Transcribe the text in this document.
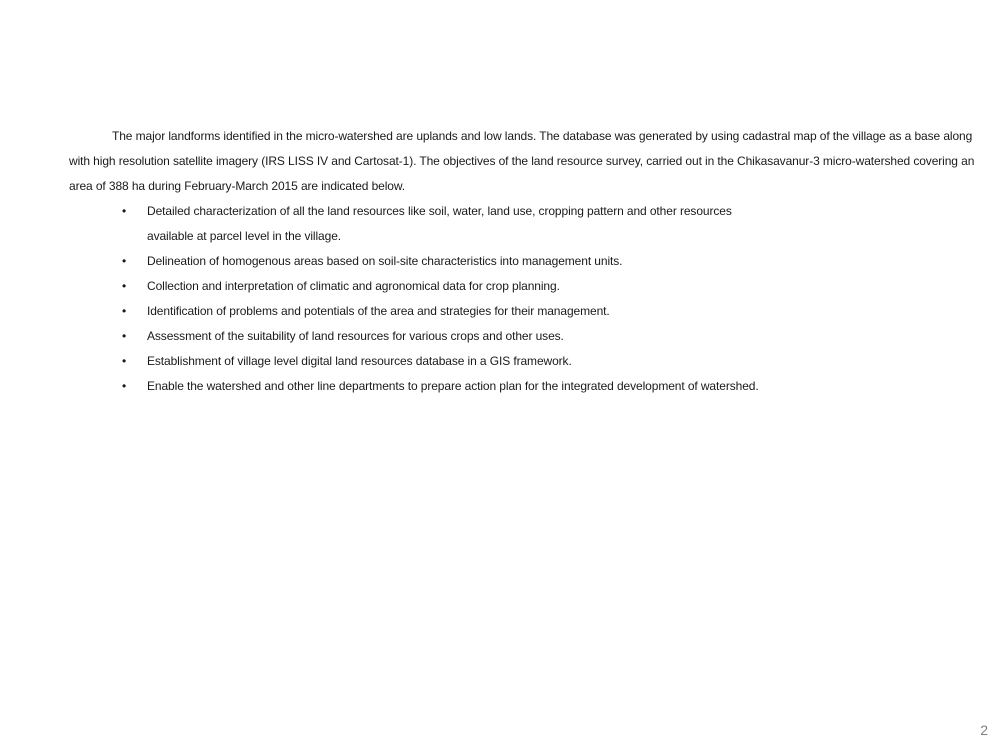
The major landforms identified in the micro-watershed are uplands and low lands. The database was generated by using cadastral map of the village as a base along with high resolution satellite imagery (IRS LISS IV and Cartosat-1). The objectives of the land resource survey, carried out in the Chikasavanur-3 micro-watershed covering an area of 388 ha during February-March 2015 are indicated below.

• Detailed characterization of all the land resources like soil, water, land use, cropping pattern and other resources available at parcel level in the village.
• Delineation of homogenous areas based on soil-site characteristics into management units.
• Collection and interpretation of climatic and agronomical data for crop planning.
• Identification of problems and potentials of the area and strategies for their management.
• Assessment of the suitability of land resources for various crops and other uses.
• Establishment of village level digital land resources database in a GIS framework.
• Enable the watershed and other line departments to prepare action plan for the integrated development of watershed.
2
